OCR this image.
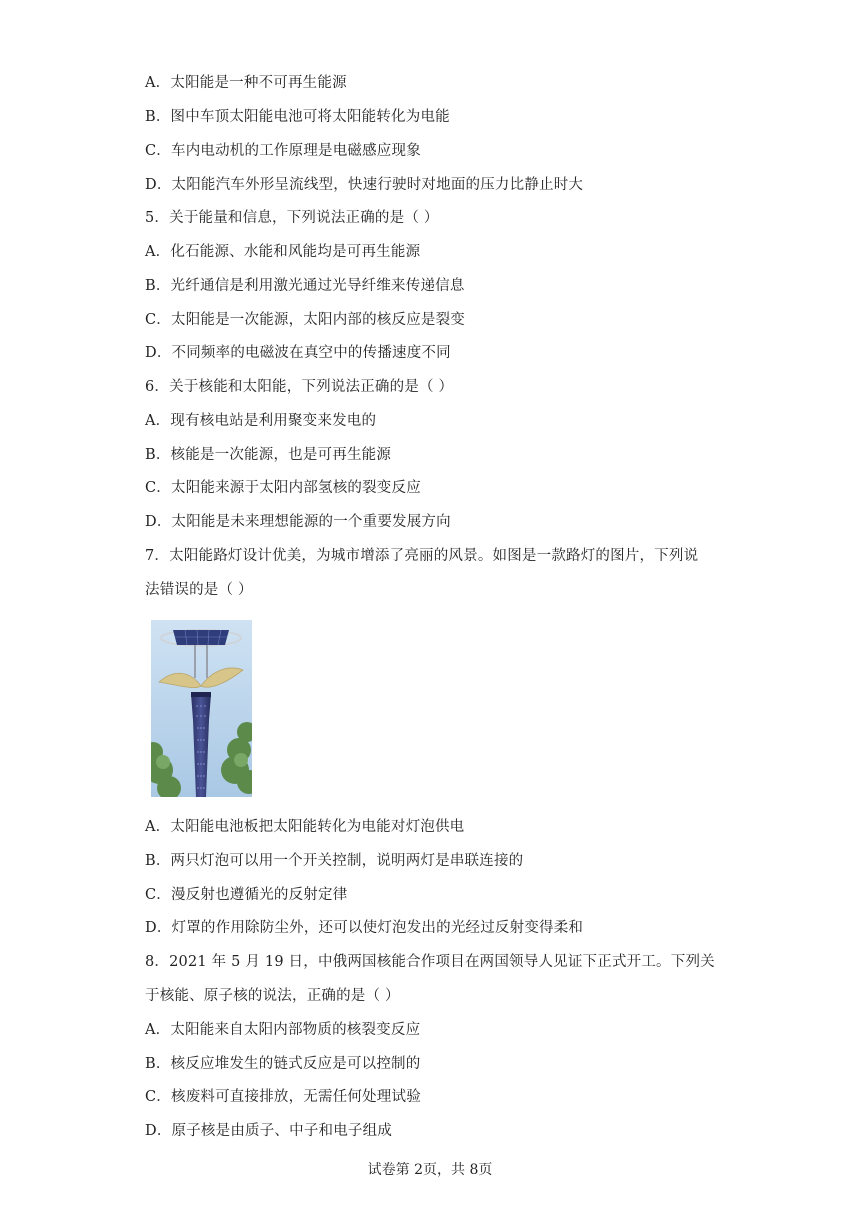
A．太阳能是一种不可再生能源
B．图中车顶太阳能电池可将太阳能转化为电能
C．车内电动机的工作原理是电磁感应现象
D．太阳能汽车外形呈流线型，快速行驶时对地面的压力比静止时大
5．关于能量和信息，下列说法正确的是（ ）
A．化石能源、水能和风能均是可再生能源
B．光纤通信是利用激光通过光导纤维来传递信息
C．太阳能是一次能源，太阳内部的核反应是裂变
D．不同频率的电磁波在真空中的传播速度不同
6．关于核能和太阳能，下列说法正确的是（ ）
A．现有核电站是利用聚变来发电的
B．核能是一次能源，也是可再生能源
C．太阳能来源于太阳内部氢核的裂变反应
D．太阳能是未来理想能源的一个重要发展方向
7．太阳能路灯设计优美，为城市增添了亮丽的风景。如图是一款路灯的图片，下列说
法错误的是（ ）
A．太阳能电池板把太阳能转化为电能对灯泡供电
B．两只灯泡可以用一个开关控制，说明两灯是串联连接的
C．漫反射也遵循光的反射定律
D．灯罩的作用除防尘外，还可以使灯泡发出的光经过反射变得柔和
8．2021 年 5 月 19 日，中俄两国核能合作项目在两国领导人见证下正式开工。下列关
于核能、原子核的说法，正确的是（ ）
A．太阳能来自太阳内部物质的核裂变反应
B．核反应堆发生的链式反应是可以控制的
C．核废料可直接排放，无需任何处理试验
D．原子核是由质子、中子和电子组成
试卷第 2页，共 8页
